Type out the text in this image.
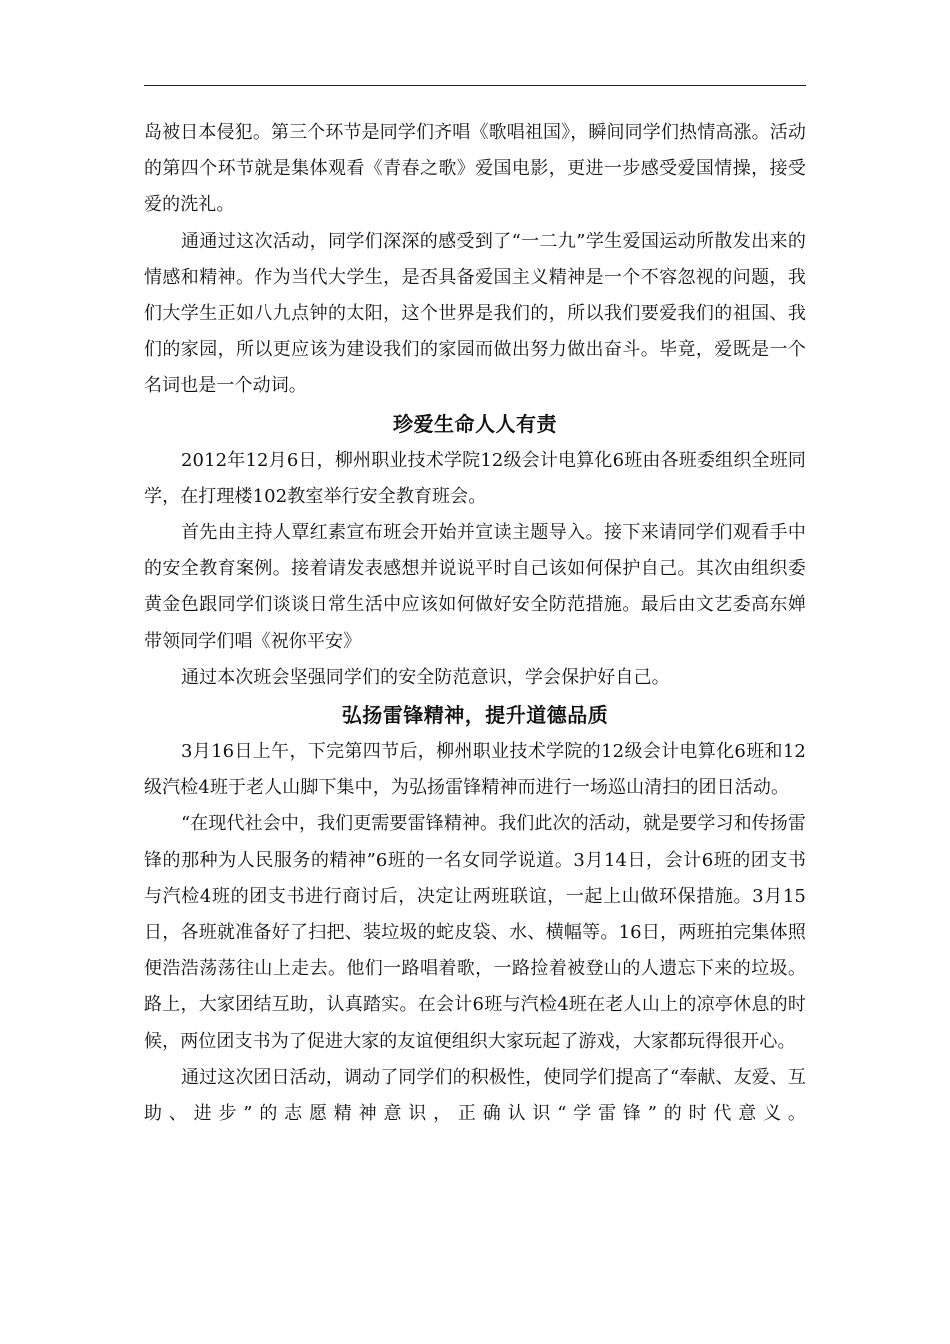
岛被日本侵犯。第三个环节是同学们齐唱《歌唱祖国》，瞬间同学们热情高涨。活动的第四个环节就是集体观看《青春之歌》爱国电影，更进一步感受爱国情操，接受爱的洗礼。

通通过这次活动，同学们深深的感受到了“一二九”学生爱国运动所散发出来的情感和精神。作为当代大学生，是否具备爱国主义精神是一个不容忽视的问题，我们大学生正如八九点钟的太阳，这个世界是我们的，所以我们要爱我们的祖国、我们的家园，所以更应该为建设我们的家园而做出努力做出奋斗。毕竟，爱既是一个名词也是一个动词。

珍爱生命人人有责

2012年12月6日，柳州职业技术学院12级会计电算化6班由各班委组织全班同学，在打理楼102教室举行安全教育班会。

首先由主持人覃红素宣布班会开始并宣读主题导入。接下来请同学们观看手中的安全教育案例。接着请发表感想并说说平时自己该如何保护自己。其次由组织委黄金色跟同学们谈谈日常生活中应该如何做好安全防范措施。最后由文艺委高东婵带领同学们唱《祝你平安》

通过本次班会坚强同学们的安全防范意识，学会保护好自己。

弘扬雷锋精神，提升道德品质

3月16日上午，下完第四节后，柳州职业技术学院的12级会计电算化6班和12级汽检4班于老人山脚下集中，为弘扬雷锋精神而进行一场巡山清扫的团日活动。

“在现代社会中，我们更需要雷锋精神。我们此次的活动，就是要学习和传扬雷锋的那种为人民服务的精神”6班的一名女同学说道。3月14日，会计6班的团支书与汽检4班的团支书进行商讨后，决定让两班联谊，一起上山做环保措施。3月15日，各班就准备好了扫把、装垃圾的蛇皮袋、水、横幅等。16日，两班拍完集体照便浩浩荡荡往山上走去。他们一路唱着歌，一路捡着被登山的人遗忘下来的垃圾。路上，大家团结互助，认真踏实。在会计6班与汽检4班在老人山上的凉亭休息的时候，两位团支书为了促进大家的友谊便组织大家玩起了游戏，大家都玩得很开心。

通过这次团日活动，调动了同学们的积极性，使同学们提高了“奉献、友爱、互助、进步”的志愿精神意识，正确认识“学雷锋”的时代意义。
